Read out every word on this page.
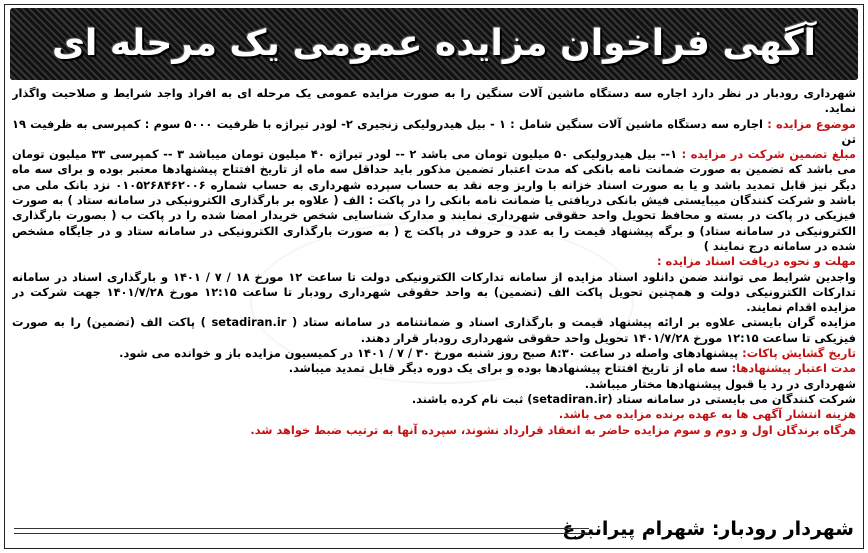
آگهی فراخوان مزایده عمومی یک مرحله ای

شهرداری رودبار در نظر دارد اجاره سه دستگاه ماشین آلات سنگین را به صورت مزایده عمومی یک مرحله ای به افراد واجد شرایط و صلاحیت واگذار نماید.

موضوع مزایده : اجاره سه دستگاه ماشین آلات سنگین شامل : ۱ - بیل هیدرولیکی زنجیری ۲- لودر تیراژه با ظرفیت ۵۰۰۰ سوم : کمپرسی به ظرفیت ۱۹ تن

مبلغ تضمین شرکت در مزایده : ۱-- بیل هیدرولیکی ۵۰ میلیون تومان می باشد ۲ -- لودر تیراژه ۴۰ میلیون تومان میباشد ۳ -- کمپرسی ۳۳ میلیون تومان می باشد که تضمین به صورت ضمانت نامه بانکی که مدت اعتبار تضمین مذکور باید حداقل سه ماه از تاریخ افتتاح پیشنهادها معتبر بوده و برای سه ماه دیگر نیز قابل تمدید باشد و یا به صورت اسناد خزانه با واریز وجه نقد به حساب سپرده شهرداری به حساب شماره ۰۱۰۵۲۶۸۴۶۲۰۰۶ نزد بانک ملی می باشد و شرکت کنندگان میبایستی فیش بانکی دریافتی یا ضمانت نامه بانکی را در پاکت : الف ( علاوه بر بارگذاری الکترونیکی در سامانه ستاد ) به صورت فیزیکی در پاکت در بسته و محافظ تحویل واحد حقوقی شهرداری نمایند و مدارک شناسایی شخص خریدار امضا شده را در پاکت ب ( بصورت بارگذاری الکترونیکی در سامانه ستاد) و برگه پیشنهاد قیمت را به عدد و حروف در پاکت ج ( به صورت بارگذاری الکترونیکی در سامانه ستاد و در جایگاه مشخص شده در سامانه درج نمایند )

مهلت و نحوه دریافت اسناد مزایده :

واجدین شرایط می توانند ضمن دانلود اسناد مزایده از سامانه تدارکات الکترونیکی دولت تا ساعت ۱۲ مورخ ۱۸ / ۷ / ۱۴۰۱ و بارگذاری اسناد در سامانه تدارکات الکترونیکی دولت و همچنین تحویل پاکت الف (تضمین) به واحد حقوقی شهرداری رودبار تا ساعت ۱۲:۱۵ مورخ ۱۴۰۱/۷/۲۸ جهت شرکت در مزایده اقدام نمایند.

مزایده گران بایستی علاوه بر ارائه پیشنهاد قیمت و بارگذاری اسناد و ضمانتنامه در سامانه ستاد ( setadiran.ir ) پاکت الف (تضمین) را به صورت فیزیکی تا ساعت ۱۲:۱۵ مورخ ۱۴۰۱/۷/۲۸ تحویل واحد حقوقی شهرداری رودبار قرار دهند.

تاریخ گشایش پاکات: پیشنهادهای واصله در ساعت ۸:۳۰ صبح روز شنبه مورخ ۳۰ / ۷ / ۱۴۰۱ در کمیسیون مزایده باز و خوانده می شود.

مدت اعتبار پیشنهادها: سه ماه از تاریخ افتتاح پیشنهادها بوده و برای یک دوره دیگر قابل تمدید میباشد.

شهرداری در رد یا قبول پیشنهادها مختار میباشد.

شرکت کنندگان می بایستی در سامانه ستاد (setadiran.ir) ثبت نام کرده باشند.

هزینه انتشار آگهی ها به عهده برنده مزایده می باشد.

هرگاه برندگان اول و دوم و سوم مزایده حاضر به انعقاد قرارداد نشوند، سپرده آنها به ترتیب ضبط خواهد شد.

شهردار رودبار: شهرام پیرانبرغ
